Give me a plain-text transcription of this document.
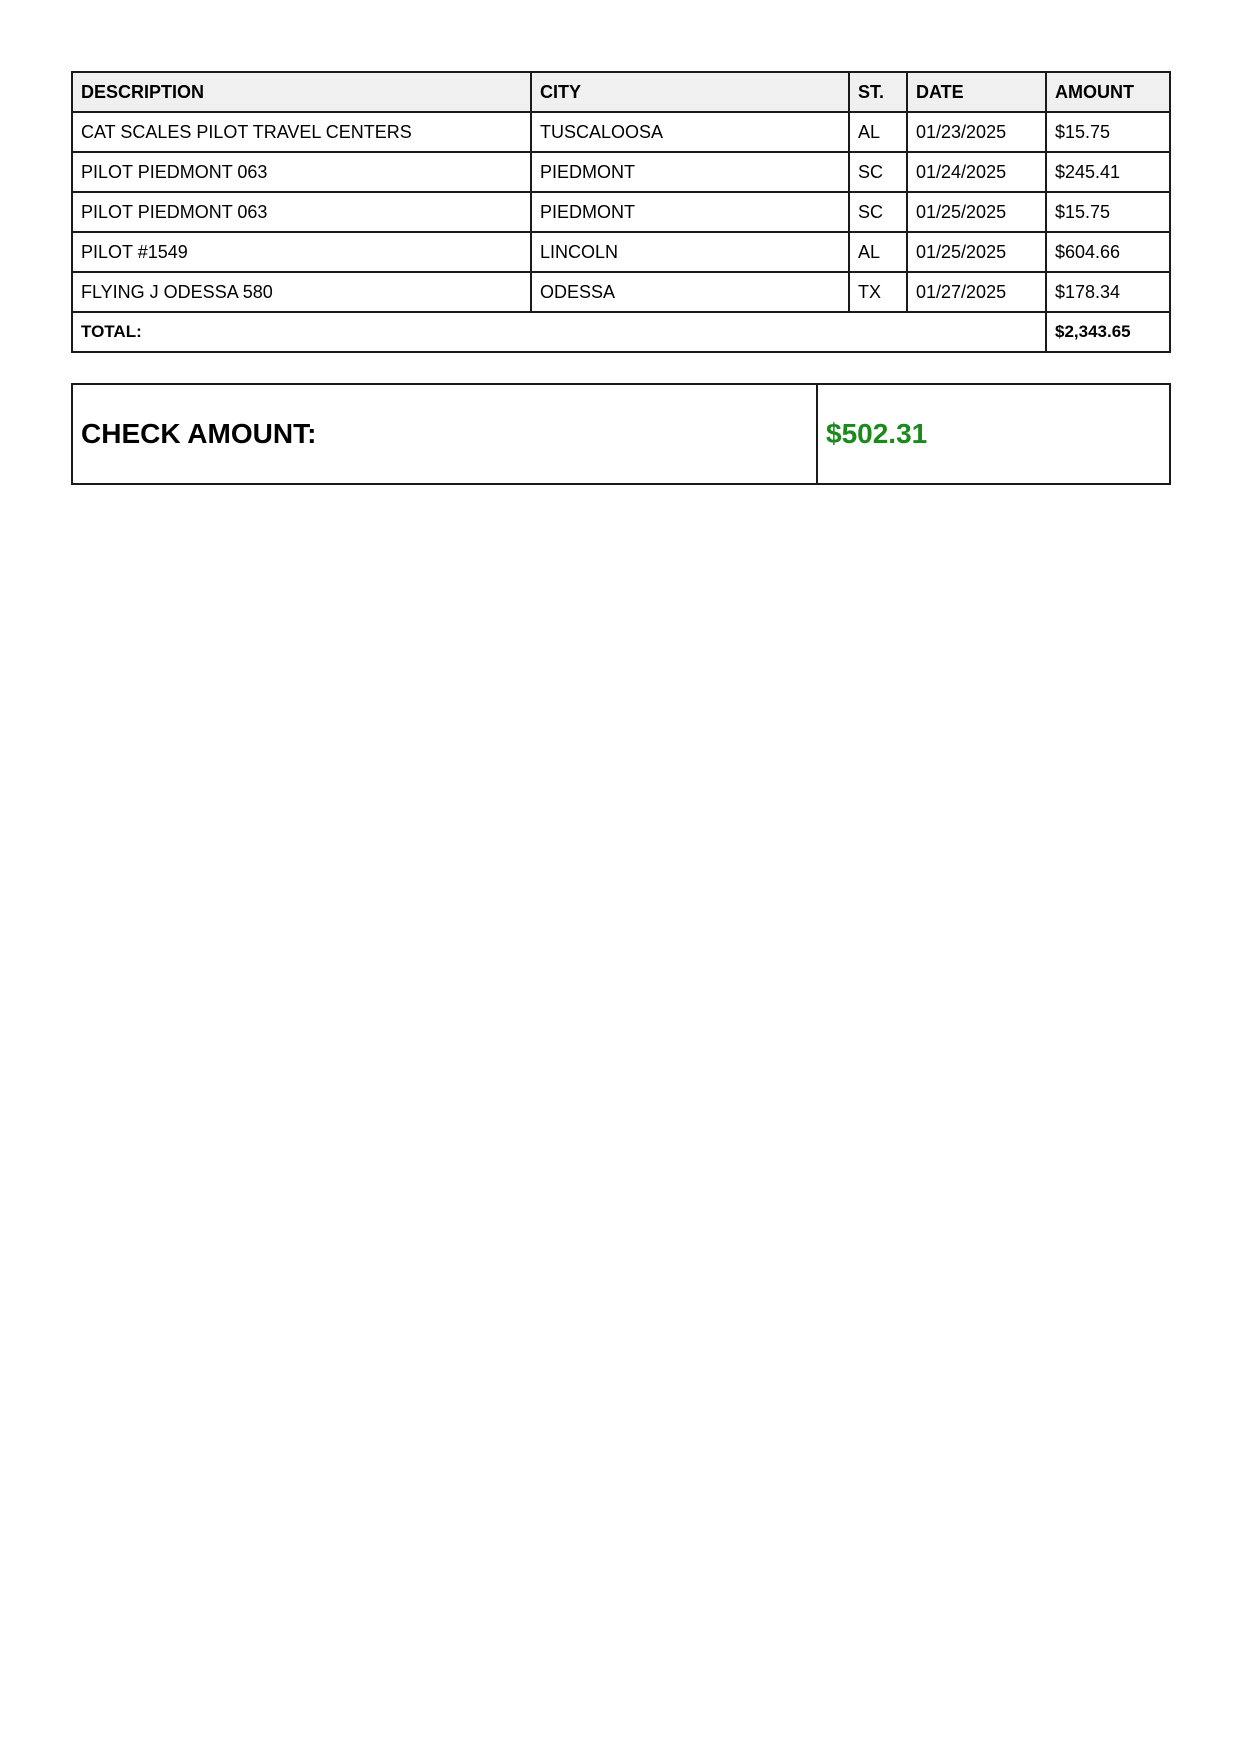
DESCRIPTION	CITY	ST.	DATE	AMOUNT
CAT SCALES PILOT TRAVEL CENTERS	TUSCALOOSA	AL	01/23/2025	$15.75
PILOT PIEDMONT 063	PIEDMONT	SC	01/24/2025	$245.41
PILOT PIEDMONT 063	PIEDMONT	SC	01/25/2025	$15.75
PILOT #1549	LINCOLN	AL	01/25/2025	$604.66
FLYING J ODESSA 580	ODESSA	TX	01/27/2025	$178.34
TOTAL:				$2,343.65
CHECK AMOUNT:	$502.31
